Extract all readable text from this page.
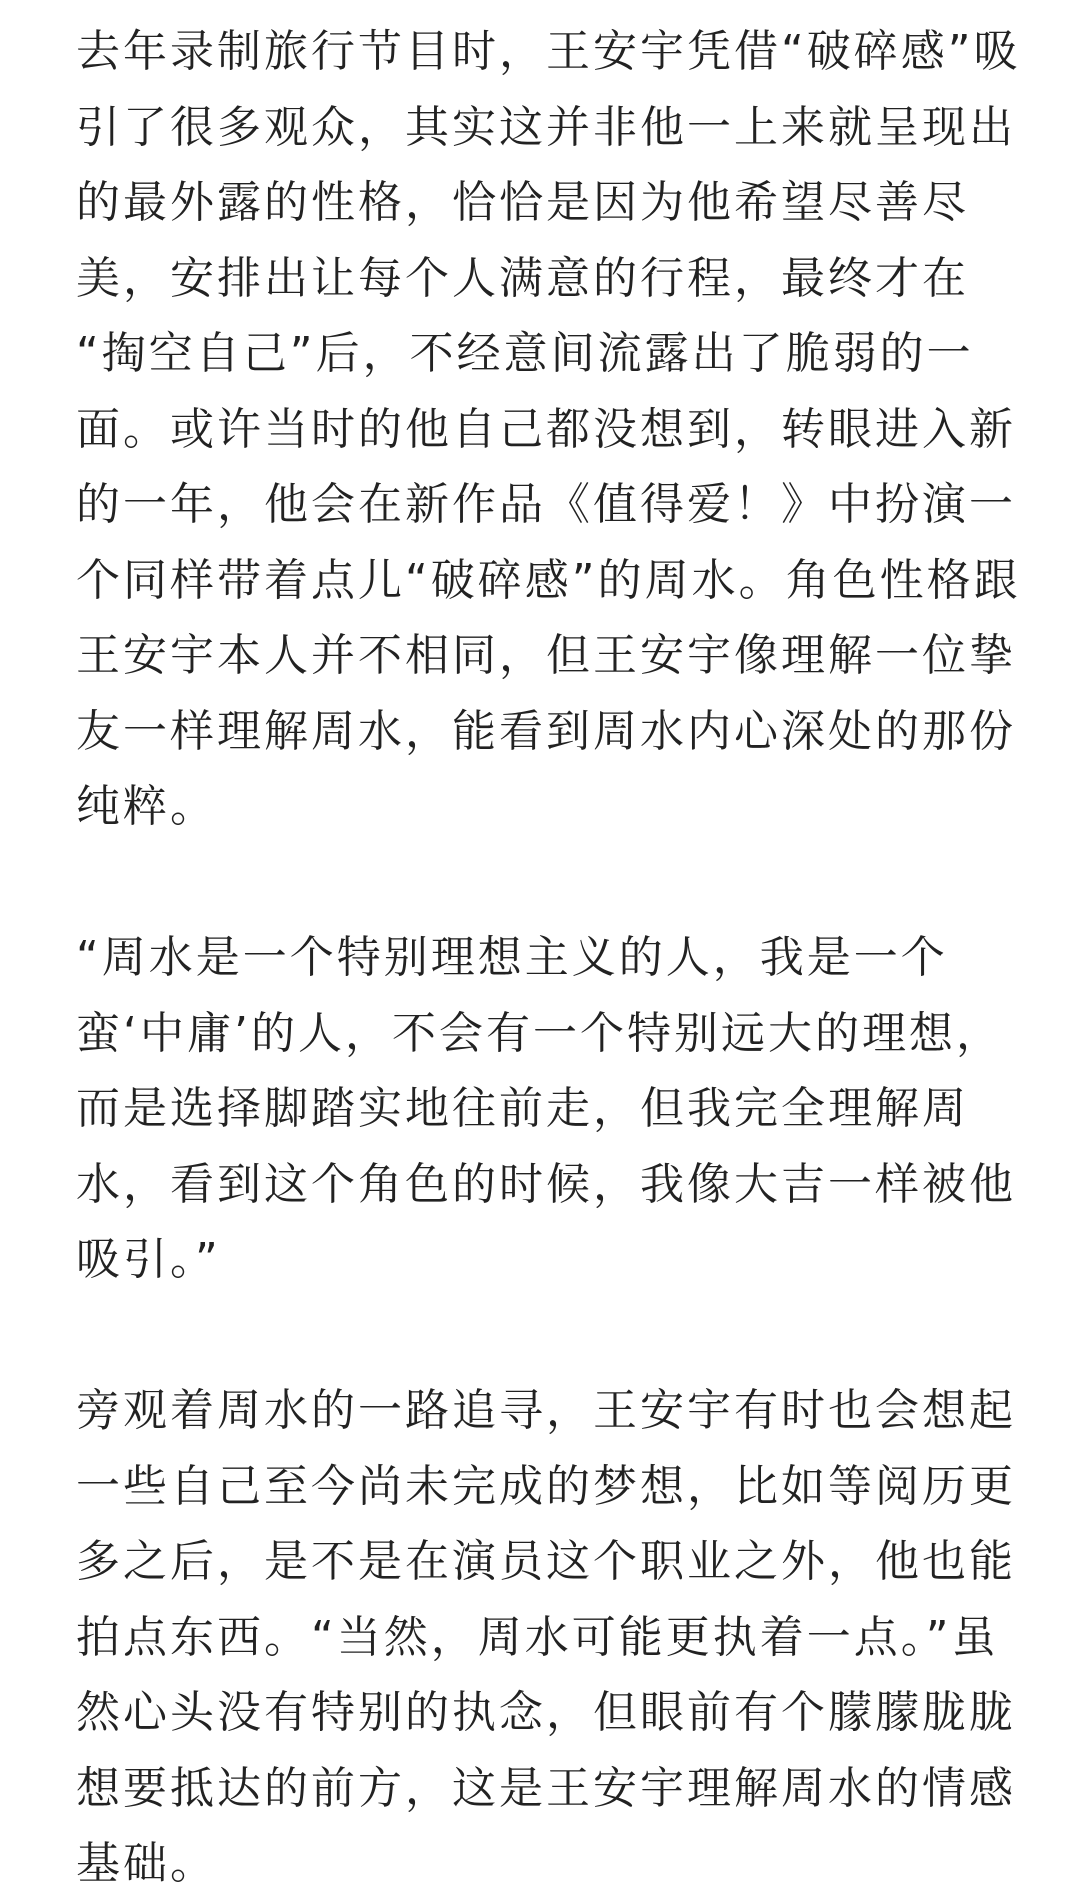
去年录制旅行节目时，王安宇凭借“破碎感”吸
引了很多观众，其实这并非他一上来就呈现出
的最外露的性格，恰恰是因为他希望尽善尽
美，安排出让每个人满意的行程，最终才在
“掏空自己”后，不经意间流露出了脆弱的一
面。或许当时的他自己都没想到，转眼进入新
的一年，他会在新作品《值得爱！》中扮演一
个同样带着点儿“破碎感”的周水。角色性格跟
王安宇本人并不相同，但王安宇像理解一位挚
友一样理解周水，能看到周水内心深处的那份
纯粹。

“周水是一个特别理想主义的人，我是一个
蛮‘中庸’的人，不会有一个特别远大的理想，
而是选择脚踏实地往前走，但我完全理解周
水，看到这个角色的时候，我像大吉一样被他
吸引。”

旁观着周水的一路追寻，王安宇有时也会想起
一些自己至今尚未完成的梦想，比如等阅历更
多之后，是不是在演员这个职业之外，他也能
拍点东西。“当然，周水可能更执着一点。”虽
然心头没有特别的执念，但眼前有个朦朦胧胧
想要抵达的前方，这是王安宇理解周水的情感
基础。
